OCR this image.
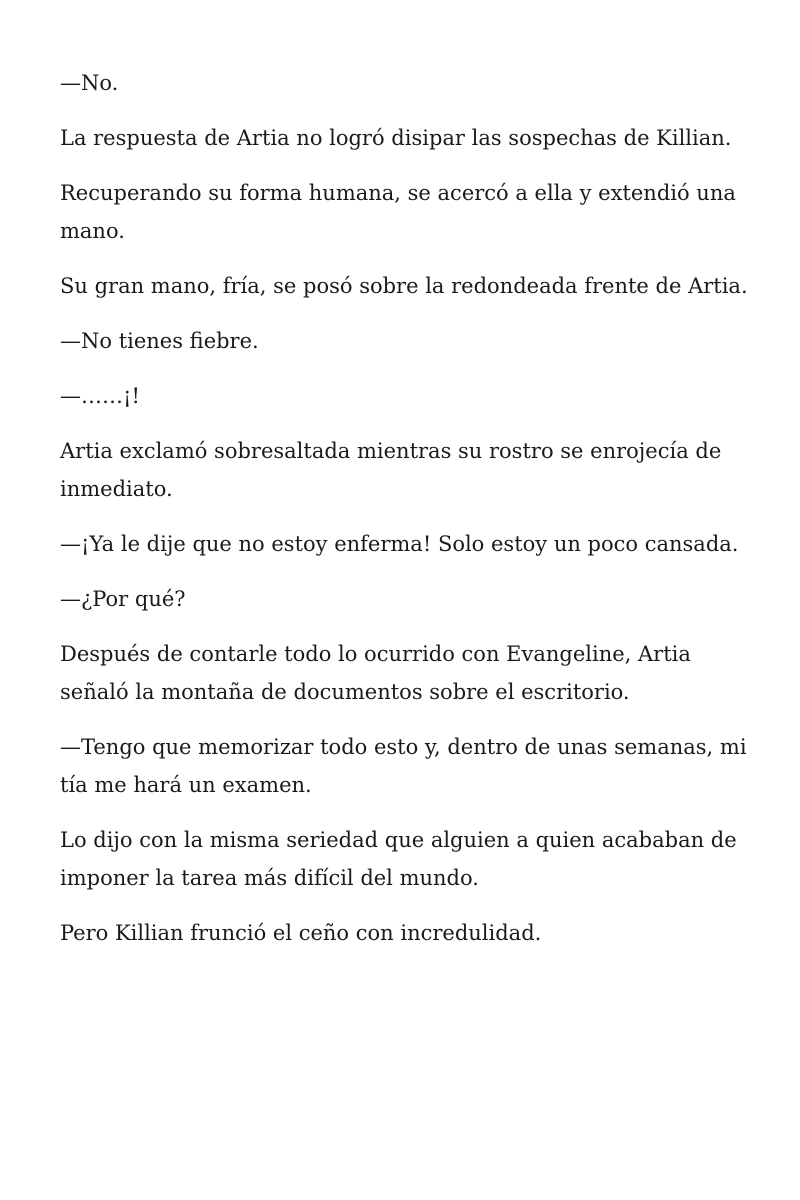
—No.

La respuesta de Artia no logró disipar las sospechas de Killian.

Recuperando su forma humana, se acercó a ella y extendió una mano.

Su gran mano, fría, se posó sobre la redondeada frente de Artia.

—No tienes fiebre.

—……¡!

Artia exclamó sobresaltada mientras su rostro se enrojecía de inmediato.

—¡Ya le dije que no estoy enferma! Solo estoy un poco cansada.

—¿Por qué?

Después de contarle todo lo ocurrido con Evangeline, Artia señaló la montaña de documentos sobre el escritorio.

—Tengo que memorizar todo esto y, dentro de unas semanas, mi tía me hará un examen.

Lo dijo con la misma seriedad que alguien a quien acababan de imponer la tarea más difícil del mundo.

Pero Killian frunció el ceño con incredulidad.
